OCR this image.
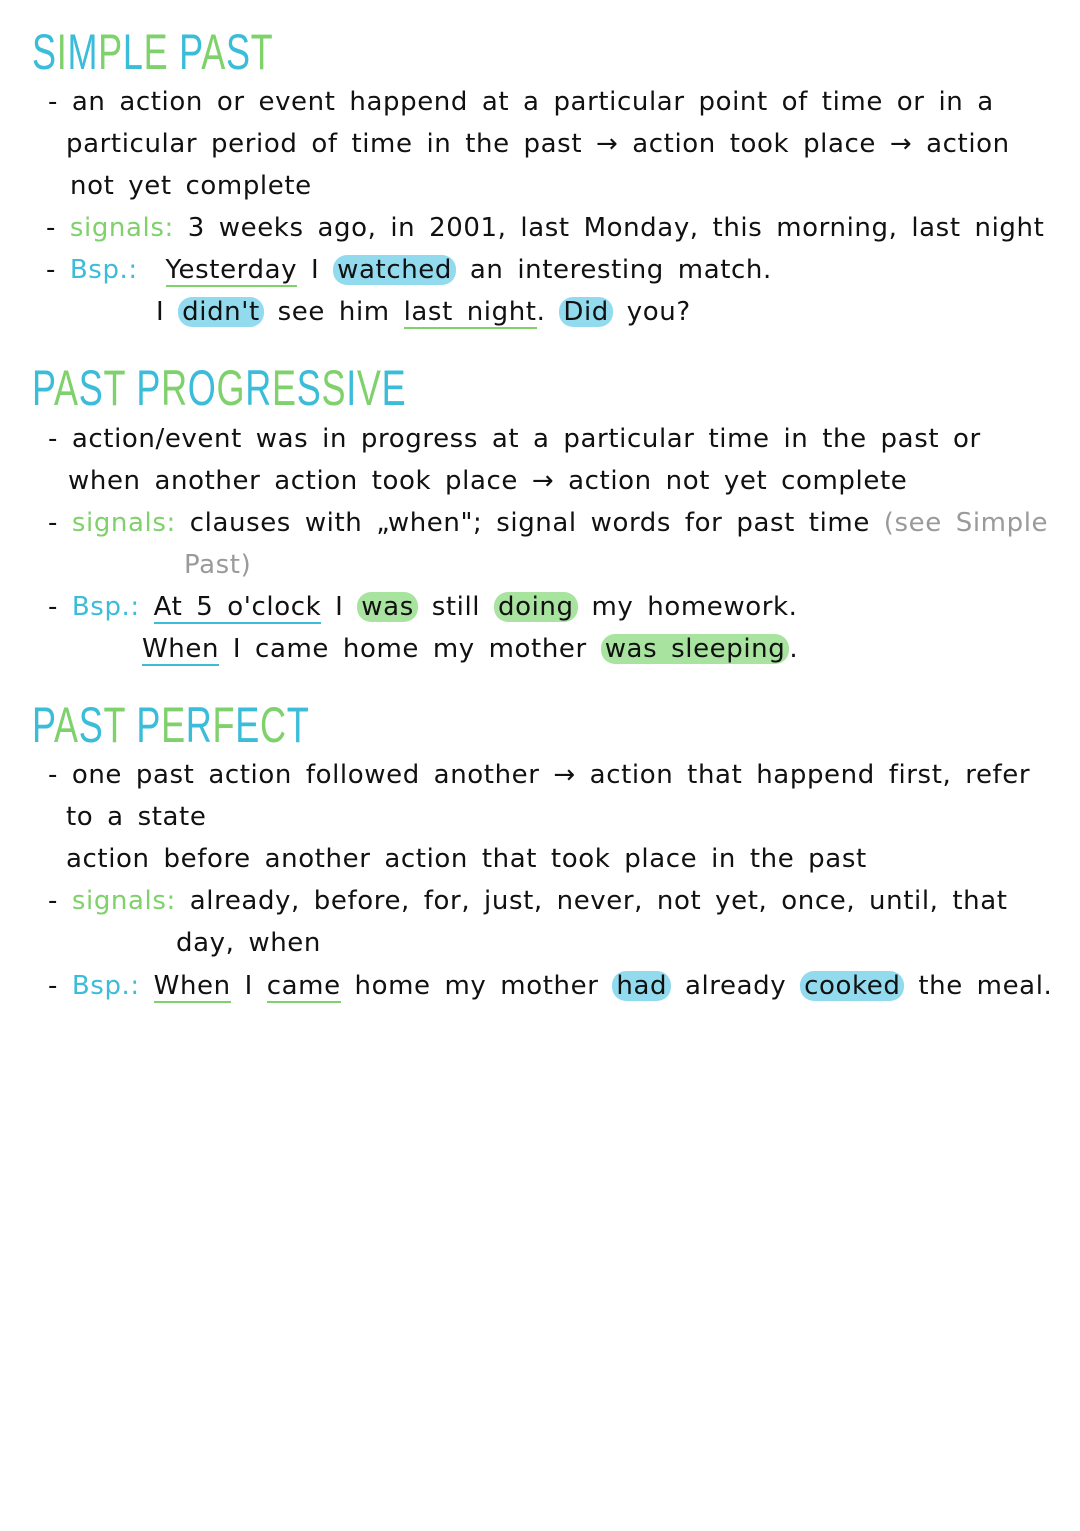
SIMPLE PAST
- an action or event happend at a particular point of time or in a
particular period of time in the past → action took place → action
not yet complete
- signals: 3 weeks ago, in 2001, last Monday, this morning, last night
- Bsp.: Yesterday I watched an interesting match.
I didn't see him last night. Did you?
PAST PROGRESSIVE
- action/event was in progress at a particular time in the past or
when another action took place → action not yet complete
- signals: clauses with „when"; signal words for past time (see Simple
Past)
- Bsp.: At 5 o'clock I was still doing my homework.
When I came home my mother was sleeping .
PAST PERFECT
- one past action followed another → action that happend first, refer
to a state
action before another action that took place in the past
- signals: already, before, for, just, never, not yet, once, until, that
day, when
- Bsp.: When I came home my mother had already cooked the meal.
